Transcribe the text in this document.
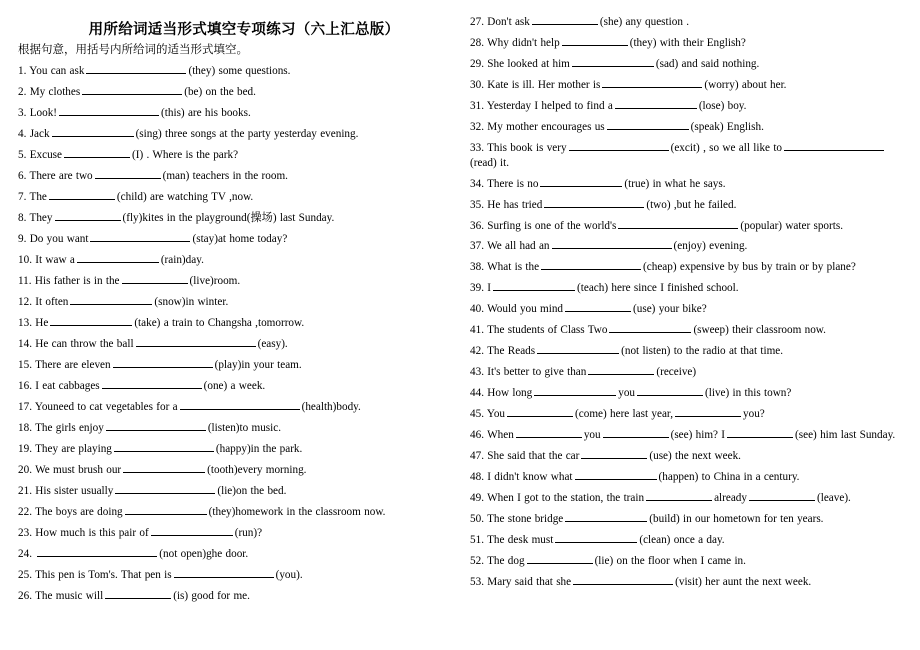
用所给词适当形式填空专项练习（六上汇总版）
根据句意，用括号内所给词的适当形式填空。
1. You can ask	(they) some questions.
2. My clothes	(be) on the bed.
3. Look!	(this) are his books.
4. Jack	(sing) three songs at the party yesterday evening.
5. Excuse	(I) . Where is the park?
6. There are two	(man) teachers in the room.
7. The	(child) are watching TV ,now.
8. They	(fly)kites in the playground(操场) last Sunday.
9. Do you want	(stay)at home today?
10. It waw a	(rain)day.
11. His father is in the	(live)room.
12. It often	(snow)in winter.
13. He	(take) a train to Changsha ,tomorrow.
14. He can throw the ball	(easy).
15. There are eleven	(play)in your team.
16. I eat cabbages	(one) a week.
17. Youneed to cat vegetables for a	(health)body.
18. The girls enjoy	(listen)to music.
19. They are playing	(happy)in the park.
20. We must brush our	(tooth)every morning.
21. His sister usually	(lie)on the bed.
22. The boys are doing	(they)homework in the classroom now.
23. How much is this pair of	(run)?
24.	(not open)ghe door.
25. This pen is Tom's. That pen is	(you).
26. The music will	(is) good for me.
27. Don't ask	(she) any question .
28. Why didn't help	(they) with their English?
29. She looked at him	(sad) and said nothing.
30. Kate is ill. Her mother is	(worry) about her.
31. Yesterday I helped to find a	(lose) boy.
32. My mother encourages us	(speak) English.
33. This book is very	(excit) , so we all like to(read) it.
34. There is no	(true) in what he says.
35. He has tried	(two) ,but he failed.
36. Surfing is one of the world's	(popular) water sports.
37. We all had an	(enjoy) evening.
38. What is the	(cheap) expensive by bus by train or by plane?
39. I	(teach) here since I finished school.
40. Would you mind	(use) your bike?
41. The students of Class Two	(sweep) their classroom now.
42. The Reads	(not listen) to the radio at that time.
43. It's better to give than	(receive)
44. How long	you	(live) in this town?
45. You	(come) here last year,	you?
46. When	you	(see) him? I	(see) him last Sunday.
47. She said that the car	(use) the next week.
48. I didn't know what	(happen) to China in a century.
49. When I got to the station, the train	already	(leave).
50. The stone bridge	(build) in our hometown for ten years.
51. The desk must	(clean) once a day.
52. The dog	(lie) on the floor when I came in.
53. Mary said that she	(visit) her aunt the next week.
